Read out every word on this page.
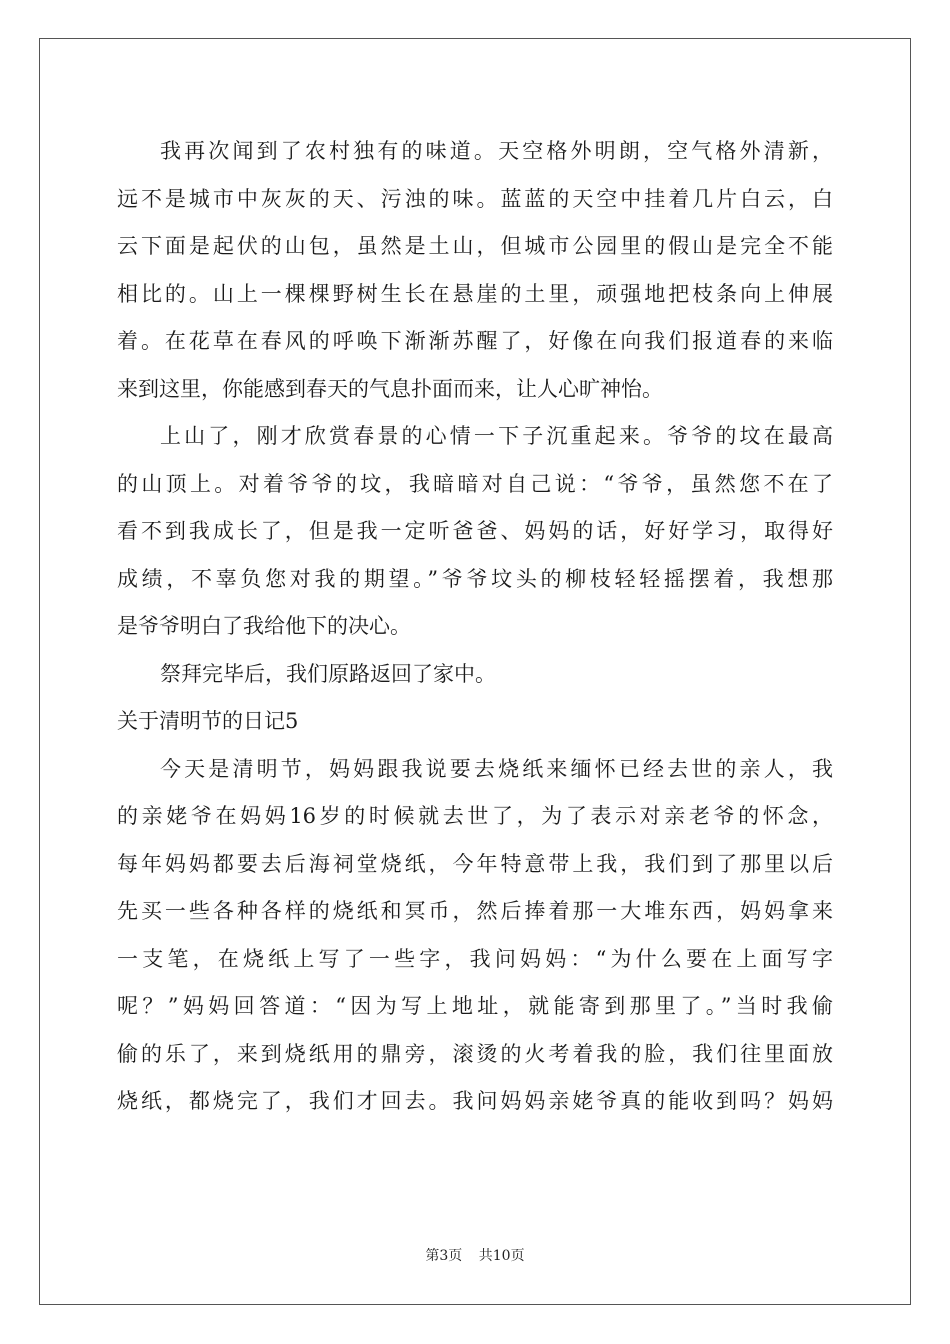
我再次闻到了农村独有的味道。天空格外明朗，空气格外清新，
远不是城市中灰灰的天、污浊的味。蓝蓝的天空中挂着几片白云，白
云下面是起伏的山包，虽然是土山，但城市公园里的假山是完全不能
相比的。山上一棵棵野树生长在悬崖的土里，顽强地把枝条向上伸展
着。在花草在春风的呼唤下渐渐苏醒了，好像在向我们报道春的来临
来到这里，你能感到春天的气息扑面而来，让人心旷神怡。
上山了，刚才欣赏春景的心情一下子沉重起来。爷爷的坟在最高
的山顶上。对着爷爷的坟，我暗暗对自己说：“爷爷，虽然您不在了
看不到我成长了，但是我一定听爸爸、妈妈的话，好好学习，取得好
成绩，不辜负您对我的期望。”爷爷坟头的柳枝轻轻摇摆着，我想那
是爷爷明白了我给他下的决心。
祭拜完毕后，我们原路返回了家中。
关于清明节的日记5
今天是清明节，妈妈跟我说要去烧纸来缅怀已经去世的亲人，我
的亲姥爷在妈妈16岁的时候就去世了，为了表示对亲老爷的怀念，
每年妈妈都要去后海祠堂烧纸，今年特意带上我，我们到了那里以后
先买一些各种各样的烧纸和冥币，然后捧着那一大堆东西，妈妈拿来
一支笔，在烧纸上写了一些字，我问妈妈：“为什么要在上面写字
呢？”妈妈回答道：“因为写上地址，就能寄到那里了。”当时我偷
偷的乐了，来到烧纸用的鼎旁，滚烫的火考着我的脸，我们往里面放
烧纸，都烧完了，我们才回去。我问妈妈亲姥爷真的能收到吗？妈妈
第3页 共10页
